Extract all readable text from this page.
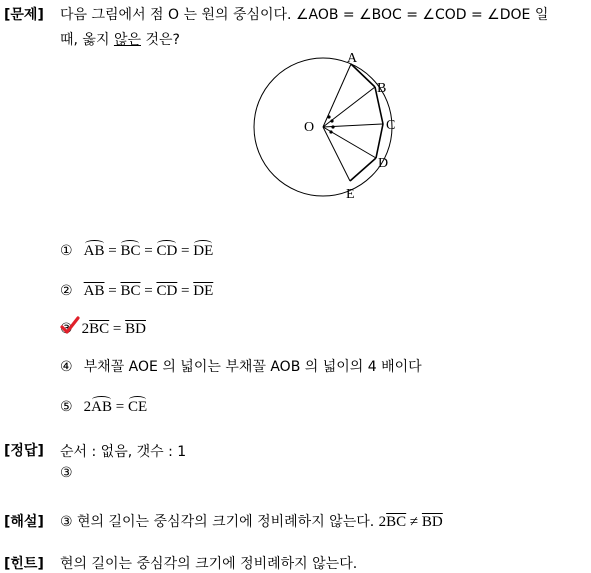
[문제]
[정답]
[해설]
[힌트]
다음 그림에서 점 O 는 원의 중심이다. ∠AOB = ∠BOC = ∠COD = ∠DOE 일
때, 옳지 않은 것은?
A
B
C
D
E
O
① AB = BC = CD = DE
② $\overline{AB} = \overline{BC} = \overline{CD} = \overline{DE}$
③
$2\overline{BC} = \overline{BD}$
④ 부채꼴 AOE 의 넓이는 부채꼴 AOB 의 넓이의 4 배이다
⑤ 2AB = CE
순서 : 없음, 갯수 : 1
③
③ 현의 길이는 중심각의 크기에 정비례하지 않는다. $2\overline{BC} \ne \overline{BD}$
현의 길이는 중심각의 크기에 정비례하지 않는다.
